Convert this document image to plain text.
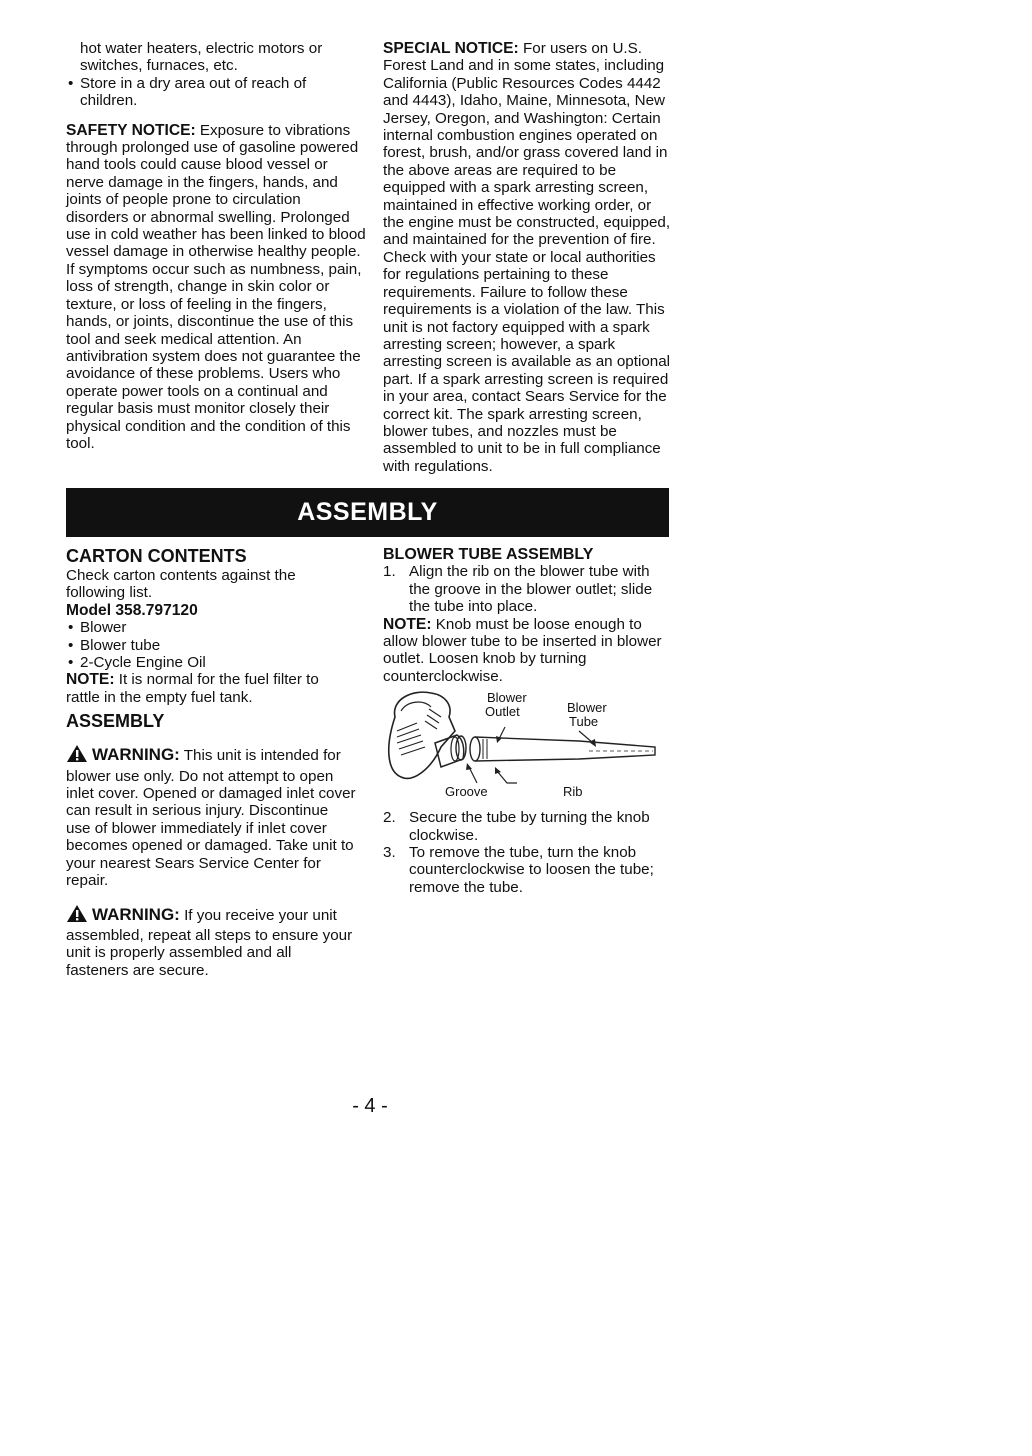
hot water heaters, electric motors or switches, furnaces, etc.

• Store in a dry area out of reach of children.

SAFETY NOTICE: Exposure to vibrations through prolonged use of gasoline powered hand tools could cause blood vessel or nerve damage in the fingers, hands, and joints of people prone to circulation disorders or abnormal swelling. Prolonged use in cold weather has been linked to blood vessel damage in otherwise healthy people. If symptoms occur such as numbness, pain, loss of strength, change in skin color or texture, or loss of feeling in the fingers, hands, or joints, discontinue the use of this tool and seek medical attention. An antivibration system does not guarantee the avoidance of these problems. Users who operate power tools on a continual and regular basis must monitor closely their physical condition and the condition of this tool.

SPECIAL NOTICE: For users on U.S. Forest Land and in some states, including California (Public Resources Codes 4442 and 4443), Idaho, Maine, Minnesota, New Jersey, Oregon, and Washington: Certain internal combustion engines operated on forest, brush, and/or grass covered land in the above areas are required to be equipped with a spark arresting screen, maintained in effective working order, or the engine must be constructed, equipped, and maintained for the prevention of fire. Check with your state or local authorities for regulations pertaining to these requirements. Failure to follow these requirements is a violation of the law. This unit is not factory equipped with a spark arresting screen; however, a spark arresting screen is available as an optional part. If a spark arresting screen is required in your area, contact Sears Service for the correct kit. The spark arresting screen, blower tubes, and nozzles must be assembled to unit to be in full compliance with regulations.

ASSEMBLY
CARTON CONTENTS

Check carton contents against the following list.

Model 358.797120

• Blower

• Blower tube

• 2-Cycle Engine Oil

NOTE: It is normal for the fuel filter to rattle in the empty fuel tank.

ASSEMBLY

WARNING: This unit is intended for blower use only. Do not attempt to open inlet cover. Opened or damaged inlet cover can result in serious injury. Discontinue use of blower immediately if inlet cover becomes opened or damaged. Take unit to your nearest Sears Service Center for repair.

WARNING: If you receive your unit assembled, repeat all steps to ensure your unit is properly assembled and all fasteners are secure.

BLOWER TUBE ASSEMBLY

1. Align the rib on the blower tube with the groove in the blower outlet; slide the tube into place.

NOTE: Knob must be loose enough to allow blower tube to be inserted in blower outlet. Loosen knob by turning counterclockwise.

Blower
Outlet	Blower
Tube
Groove	Rib

2. Secure the tube by turning the knob clockwise.

3. To remove the tube, turn the knob counterclockwise to loosen the tube; remove the tube.

- 4 -
